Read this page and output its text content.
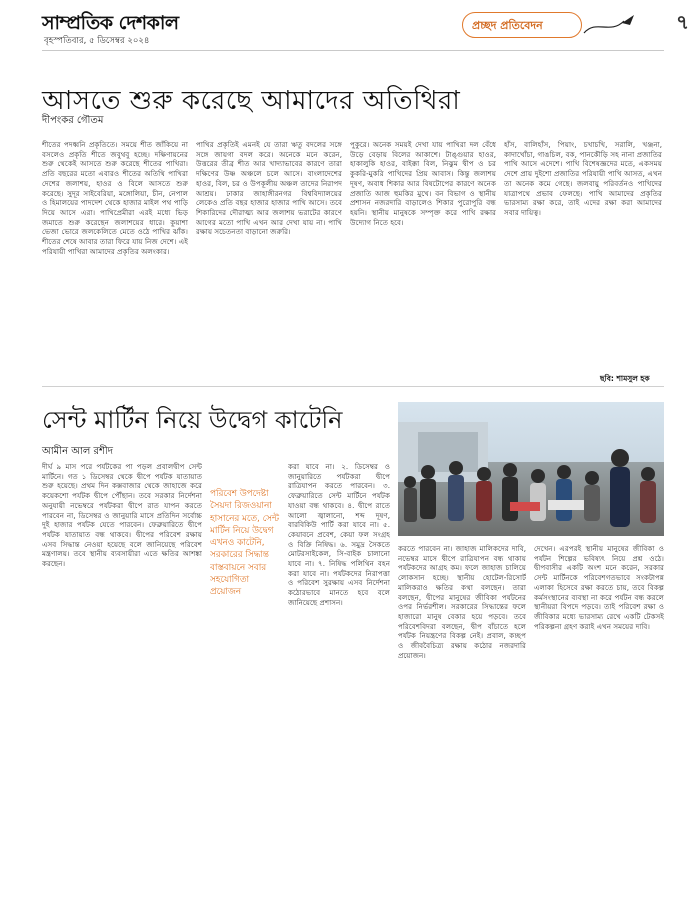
সাম্প্রতিক দেশকাল
বৃহস্পতিবার, ৫ ডিসেম্বর ২০২৪
প্রচ্ছদ প্রতিবেদন	৭
আসতে শুরু করেছে আমাদের অতিথিরা
দীপংকর গৌতম

শীতের পদধ্বনি প্রকৃতিতে। সময়ে শীত জাঁকিয়ে না বসলেও প্রকৃতি শীতে জবুথবু হচ্ছে। দক্ষিণায়নের শুরু থেকেই আসতে শুরু করেছে শীতের পাখিরা। প্রতি বছরের মতো এবারও শীতের অতিথি পাখিরা দেশের জলাশয়, হাওর ও বিলে আসতে শুরু করেছে। সুদূর সাইবেরিয়া, মঙ্গোলিয়া, চীন, নেপাল ও হিমালয়ের পাদদেশ থেকে হাজার মাইল পথ পাড়ি দিয়ে আসে এরা। পাখিপ্রেমীরা এরই মধ্যে ভিড় জমাতে শুরু করেছেন জলাশয়ের ধারে। কুয়াশা ভেজা ভোরে জলকেলিতে মেতে ওঠে পাখির ঝাঁক। শীতের শেষে আবার তারা ফিরে যায় নিজ দেশে। এই পরিযায়ী পাখিরা আমাদের প্রকৃতির অলংকার।

পাখির প্রকৃতিই এমনই যে তারা ঋতু বদলের সঙ্গে সঙ্গে জায়গা বদল করে। অনেকে মনে করেন, উত্তরের তীব্র শীত আর খাদ্যাভাবের কারণে তারা দক্ষিণের উষ্ণ অঞ্চলে চলে আসে। বাংলাদেশের হাওর, বিল, চর ও উপকূলীয় অঞ্চল তাদের নিরাপদ আশ্রয়। ঢাকার জাহাঙ্গীরনগর বিশ্ববিদ্যালয়ের লেকেও প্রতি বছর হাজার হাজার পাখি আসে। তবে শিকারিদের দৌরাত্ম্য আর জলাশয় ভরাটের কারণে আগের মতো পাখি এখন আর দেখা যায় না। পাখি রক্ষায় সচেতনতা বাড়ানো জরুরি।

পুকুরে। অনেক সময়ই দেখা যায় পাখিরা দল বেঁধে উড়ে বেড়ায় বিলের আকাশে। টাঙ্গুয়ার হাওর, হাকালুকি হাওর, বাইক্কা বিল, নিঝুম দ্বীপ ও চর কুকরি-মুকরি পাখিদের প্রিয় আবাস। কিন্তু জলাশয় দূষণ, অবাধ শিকার আর বিষটোপের কারণে অনেক প্রজাতি আজ হুমকির মুখে। বন বিভাগ ও স্থানীয় প্রশাসন নজরদারি বাড়ালেও শিকার পুরোপুরি বন্ধ হয়নি। স্থানীয় মানুষকে সম্পৃক্ত করে পাখি রক্ষার উদ্যোগ নিতে হবে।

হাঁস, বালিহাঁস, পিয়াং, চখাচখি, সরালি, খঞ্জনা, কাদাখোঁচা, গাঙচিল, বক, পানকৌড়ি সহ নানা প্রজাতির পাখি আসে এদেশে। পাখি বিশেষজ্ঞদের মতে, একসময় দেশে প্রায় দুইশো প্রজাতির পরিযায়ী পাখি আসত, এখন তা অনেক কমে গেছে। জলবায়ু পরিবর্তনও পাখিদের যাত্রাপথে প্রভাব ফেলছে। পাখি আমাদের প্রকৃতির ভারসাম্য রক্ষা করে, তাই এদের রক্ষা করা আমাদের সবার দায়িত্ব।

ছবি: শামসুল হক
সেন্ট মার্টিন নিয়ে উদ্বেগ কাটেনি
আমীন আল রশীদ

দীর্ঘ ৯ মাস পরে পর্যটকের পা পড়ল প্রবালদ্বীপ সেন্ট মার্টিনে। গত ১ ডিসেম্বর থেকে দ্বীপে পর্যটক যাতায়াত শুরু হয়েছে। প্রথম দিন কক্সবাজার থেকে জাহাজে করে কয়েকশো পর্যটক দ্বীপে পৌঁছান। তবে সরকার নির্দেশনা অনুযায়ী নভেম্বরে পর্যটকরা দ্বীপে রাত যাপন করতে পারবেন না, ডিসেম্বর ও জানুয়ারি মাসে প্রতিদিন সর্বোচ্চ দুই হাজার পর্যটক যেতে পারবেন। ফেব্রুয়ারিতে দ্বীপে পর্যটক যাতায়াত বন্ধ থাকবে। দ্বীপের পরিবেশ রক্ষায় এসব সিদ্ধান্ত নেওয়া হয়েছে বলে জানিয়েছে পরিবেশ মন্ত্রণালয়। তবে স্থানীয় ব্যবসায়ীরা এতে ক্ষতির আশঙ্কা করছেন।

পরিবেশ উপদেষ্টা সৈয়দা রিজওয়ানা হাসানের মতে, সেন্ট মার্টিন নিয়ে উদ্বেগ এখনও কাটেনি, সরকারের সিদ্ধান্ত বাস্তবায়নে সবার সহযোগিতা প্রয়োজন

করা যাবে না। ২. ডিসেম্বর ও জানুয়ারিতে পর্যটকরা দ্বীপে রাত্রিযাপন করতে পারবেন। ৩. ফেব্রুয়ারিতে সেন্ট মার্টিনে পর্যটক যাওয়া বন্ধ থাকবে। ৪. দ্বীপে রাতে আলো জ্বালানো, শব্দ দূষণ, বারবিকিউ পার্টি করা যাবে না। ৫. কেয়াবনে প্রবেশ, কেয়া ফল সংগ্রহ ও বিক্রি নিষিদ্ধ। ৬. সমুদ্র সৈকতে মোটরসাইকেল, সি-বাইক চালানো যাবে না। ৭. নিষিদ্ধ পলিথিন বহন করা যাবে না। পর্যটকদের নিরাপত্তা ও পরিবেশ সুরক্ষায় এসব নির্দেশনা কঠোরভাবে মানতে হবে বলে জানিয়েছে প্রশাসন।

করতে পারবেন না। জাহাজ মালিকদের দাবি, নভেম্বর মাসে দ্বীপে রাত্রিযাপন বন্ধ থাকায় পর্যটকদের আগ্রহ কম। ফলে জাহাজ চালিয়ে লোকসান হচ্ছে। স্থানীয় হোটেল-রিসোর্ট মালিকরাও ক্ষতির কথা বলছেন। তারা বলছেন, দ্বীপের মানুষের জীবিকা পর্যটনের ওপর নির্ভরশীল। সরকারের সিদ্ধান্তের ফলে হাজারো মানুষ বেকার হয়ে পড়বে। তবে পরিবেশবিদরা বলছেন, দ্বীপ বাঁচাতে হলে পর্যটক নিয়ন্ত্রণের বিকল্প নেই। প্রবাল, কচ্ছপ ও জীববৈচিত্র্য রক্ষায় কঠোর নজরদারি প্রয়োজন।

দেখেন। এরপরই স্থানীয় মানুষের জীবিকা ও পর্যটন শিল্পের ভবিষ্যৎ নিয়ে প্রশ্ন ওঠে। দ্বীপবাসীর একটি অংশ মনে করেন, সরকার সেন্ট মার্টিনকে পরিবেশগতভাবে সংকটাপন্ন এলাকা হিসেবে রক্ষা করতে চায়, তবে বিকল্প কর্মসংস্থানের ব্যবস্থা না করে পর্যটন বন্ধ করলে স্থানীয়রা বিপদে পড়বে। তাই পরিবেশ রক্ষা ও জীবিকার মধ্যে ভারসাম্য রেখে একটি টেকসই পরিকল্পনা গ্রহণ করাই এখন সময়ের দাবি।
